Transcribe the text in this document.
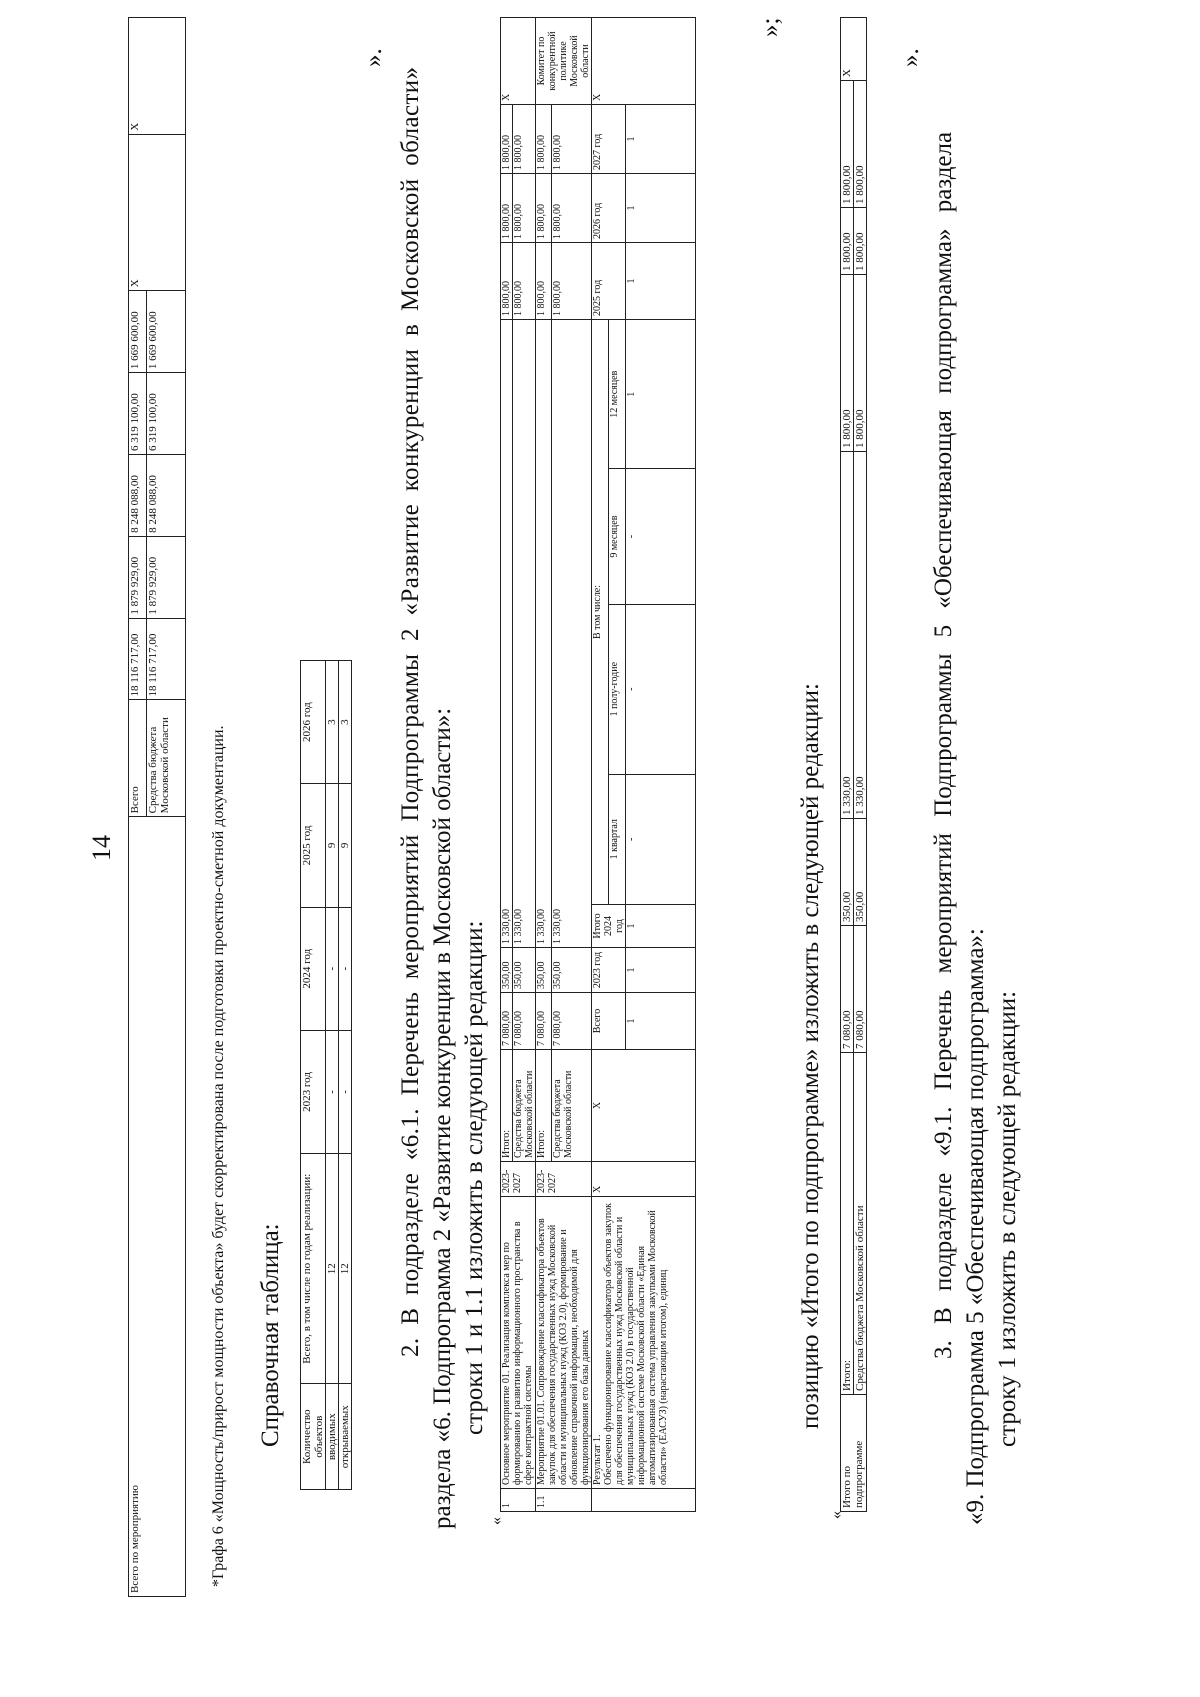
14
Всего по мероприятию	Всего	18 116 717,00	1 879 929,00	8 248 088,00	6 319 100,00	1 669 600,00	X	X
	Средства бюджета Московской области	18 116 717,00	1 879 929,00	8 248 088,00	6 319 100,00	1 669 600,00		
*Графа 6 «Мощность/прирост мощности объекта» будет скорректирована после подготовки проектно-сметной документации. Справочная таблица: Количество объектов	Всего, в том числе по годам реализации:	2023 год	2024 год	2025 год	2026 год
вводимых	12	-	-	9	3
открываемых	12	-	-	9	3
».
2. В подразделе «6.1. Перечень мероприятий Подпрограммы 2 «Развитие конкуренции в Московской области» раздела «6. Подпрограмма 2 «Развитие конкуренции в Московской области»: строки 1 и 1.1 изложить в следующей редакции:
«
1	Основное мероприятие 01. Реализация комплекса мер по формированию и развитию информационного пространства в сфере контрактной системы	2023-2027	Итого:	7 080,00	350,00	1 330,00					1 800,00	1 800,00	1 800,00	X
			Средства бюджета Московской области	7 080,00	350,00	1 330,00					1 800,00	1 800,00	1 800,00	
1.1	Мероприятие 01.01. Сопровождение классификатора объектов закупок для обеспечения государственных нужд Московской области и муниципальных нужд (КОЗ 2.0), формирование и обновление справочной информации, необходимой для функционирования его базы данных	2023-2027	Итого:	7 080,00	350,00	1 330,00					1 800,00	1 800,00	1 800,00	Комитет по конкурентной политике Московской области
			Средства бюджета Московской области	7 080,00	350,00	1 330,00					1 800,00	1 800,00	1 800,00	

	Результат 1. Обеспечено функционирование классификатора объектов закупок для обеспечения государственных нужд Московской области и муниципальных нужд (КОЗ 2.0) в государственной информационной системе Московской области «Единая автоматизированная система управления закупками Московской области» (ЕАСУЗ) (нарастающим итогом), единиц	X	X	Всего	2023 год	Итого 2024 год	В том числе:				2025 год	2026 год	2027 год	X
							1 квартал	1 полу-годие	9 месяцев	12 месяцев				
				1	1	1	-	-	-	1	1	1	1	
»;
позицию «Итого по подпрограмме» изложить в следующей редакции:
«
Итого по подпрограмме	Итого:	7 080,00	350,00	1 330,00	1 800,00	1 800,00	1 800,00	X
	Средства бюджета Московской области	7 080,00	350,00	1 330,00	1 800,00	1 800,00	1 800,00	
».
3. В подразделе «9.1. Перечень мероприятий Подпрограммы 5 «Обеспечивающая подпрограмма» раздела «9. Подпрограмма 5 «Обеспечивающая подпрограмма»: строку 1 изложить в следующей редакции:
